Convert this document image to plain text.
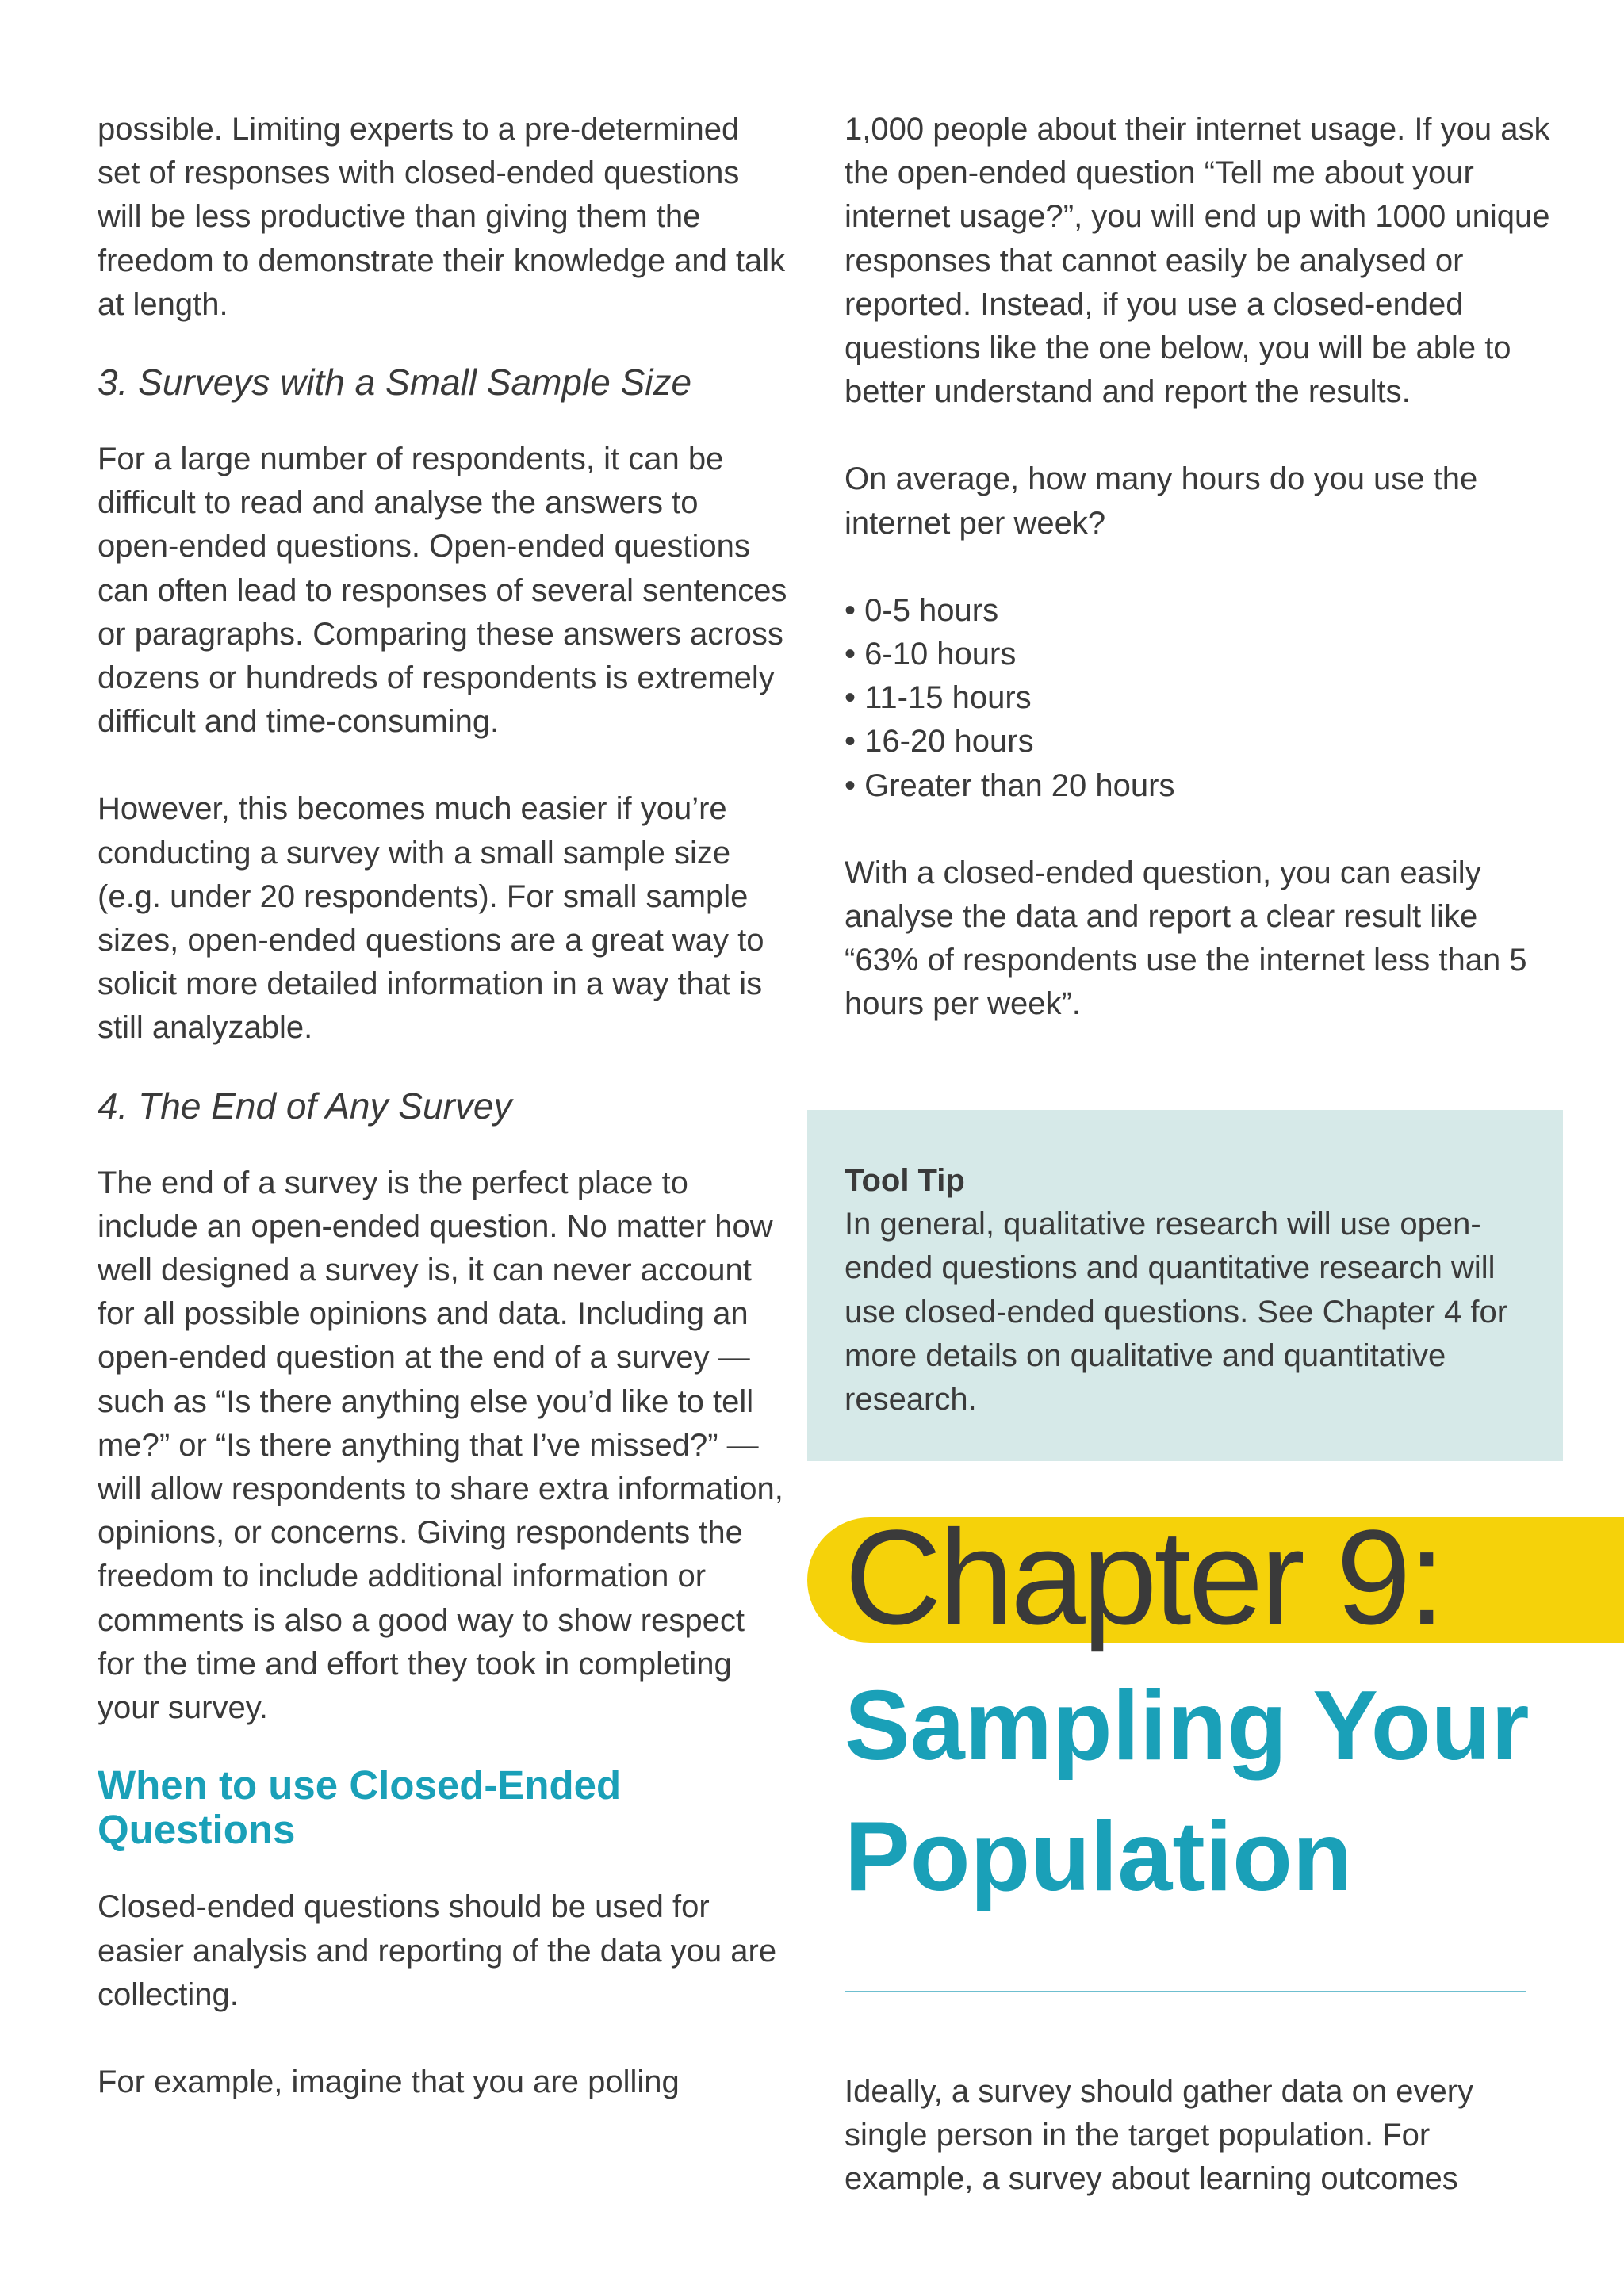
possible. Limiting experts to a pre-determined set of responses with closed-ended questions will be less productive than giving them the freedom to demonstrate their knowledge and talk at length.

3. Surveys with a Small Sample Size

For a large number of respondents, it can be difficult to read and analyse the answers to open-ended questions. Open-ended questions can often lead to responses of several sentences or paragraphs. Comparing these answers across dozens or hundreds of respondents is extremely difficult and time-consuming.

However, this becomes much easier if you’re conducting a survey with a small sample size (e.g. under 20 respondents). For small sample sizes, open-ended questions are a great way to solicit more detailed information in a way that is still analyzable.

4. The End of Any Survey

The end of a survey is the perfect place to include an open-ended question. No matter how well designed a survey is, it can never account for all possible opinions and data. Including an open-ended question at the end of a survey — such as “Is there anything else you’d like to tell me?” or “Is there anything that I’ve missed?” — will allow respondents to share extra information, opinions, or concerns. Giving respondents the freedom to include additional information or comments is also a good way to show respect for the time and effort they took in completing your survey.

When to use Closed-Ended Questions

Closed-ended questions should be used for easier analysis and reporting of the data you are collecting.

For example, imagine that you are polling

1,000 people about their internet usage. If you ask the open-ended question “Tell me about your internet usage?”, you will end up with 1000 unique responses that cannot easily be analysed or reported. Instead, if you use a closed-ended questions like the one below, you will be able to better understand and report the results.

On average, how many hours do you use the internet per week?

• 0-5 hours
• 6-10 hours
• 11-15 hours
• 16-20 hours
• Greater than 20 hours

With a closed-ended question, you can easily analyse the data and report a clear result like “63% of respondents use the internet less than 5 hours per week”.

Tool Tip

In general, qualitative research will use open-ended questions and quantitative research will use closed-ended questions. See Chapter 4 for more details on qualitative and quantitative research.

Chapter 9:
Sampling Your Population

Ideally, a survey should gather data on every single person in the target population. For example, a survey about learning outcomes
